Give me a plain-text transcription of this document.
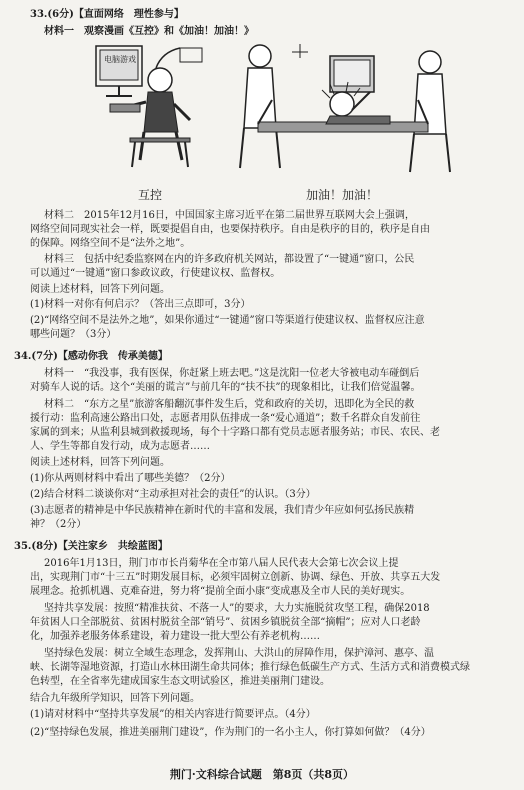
33.(6分)【直面网络　理性参与】
材料一　观察漫画《互控》和《加油！加油！》
电脑游戏
互控	加油！加油！
材料二　2015年12月16日，中国国家主席习近平在第二届世界互联网大会上强调，
网络空间同现实社会一样，既要提倡自由，也要保持秩序。自由是秩序的目的，秩序是自由
的保障。网络空间不是“法外之地”。
材料三　包括中纪委监察网在内的许多政府机关网站，都设置了“一键通”窗口，公民
可以通过“一键通”窗口参政议政，行使建议权、监督权。
阅读上述材料，回答下列问题。
(1)材料一对你有何启示？（答出三点即可，3分）
(2)“网络空间不是法外之地”，如果你通过“一键通”窗口等渠道行使建议权、监督权应注意
哪些问题？（3分）
34.(7分)【感动你我　传承美德】
材料一　“我没事，我有医保，你赶紧上班去吧。”这是沈阳一位老大爷被电动车碰倒后
对骑车人说的话。这个“美丽的谎言”与前几年的“扶不扶”的现象相比，让我们倍觉温馨。
材料二　“东方之星”旅游客船翻沉事件发生后，党和政府的关切，迅即化为全民的救
援行动：监利高速公路出口处，志愿者用队伍排成一条“爱心通道”；数千名群众自发前往
家属的到来；从监利县城到救援现场，每个十字路口都有党员志愿者服务站；市民、农民、老
人、学生等都自发行动，成为志愿者……
阅读上述材料，回答下列问题。
(1)你从两则材料中看出了哪些美德？（2分）
(2)结合材料二谈谈你对“主动承担对社会的责任”的认识。（3分）
(3)志愿者的精神是中华民族精神在新时代的丰富和发展，我们青少年应如何弘扬民族精
神？（2分）
35.(8分)【关注家乡　共绘蓝图】
2016年1月13日，荆门市市长肖菊华在全市第八届人民代表大会第七次会议上提
出，实现荆门市“十三五”时期发展目标，必须牢固树立创新、协调、绿色、开放、共享五大发
展理念。抢抓机遇、克难奋进，努力将“提前全面小康”变成惠及全市人民的美好现实。
坚持共享发展：按照“精准扶贫、不落一人”的要求，大力实施脱贫攻坚工程，确保2018
年贫困人口全部脱贫、贫困村脱贫全部“销号”、贫困乡镇脱贫全部“摘帽”；应对人口老龄
化，加强养老服务体系建设，着力建设一批大型公有养老机构……
坚持绿色发展：树立全域生态理念，发挥荆山、大洪山的屏障作用，保护漳河、惠亭、温
峡、长湖等湿地资源，打造山水林田湖生命共同体；推行绿色低碳生产方式、生活方式和消费模式绿
色转型，在全省率先建成国家生态文明试验区，推进美丽荆门建设。
结合九年级所学知识，回答下列问题。
(1)请对材料中“坚持共享发展”的相关内容进行简要评点。（4分）
(2)“坚持绿色发展，推进美丽荆门建设”，作为荆门的一名小主人，你打算如何做？（4分）
荆门·文科综合试题　第8页（共8页）
